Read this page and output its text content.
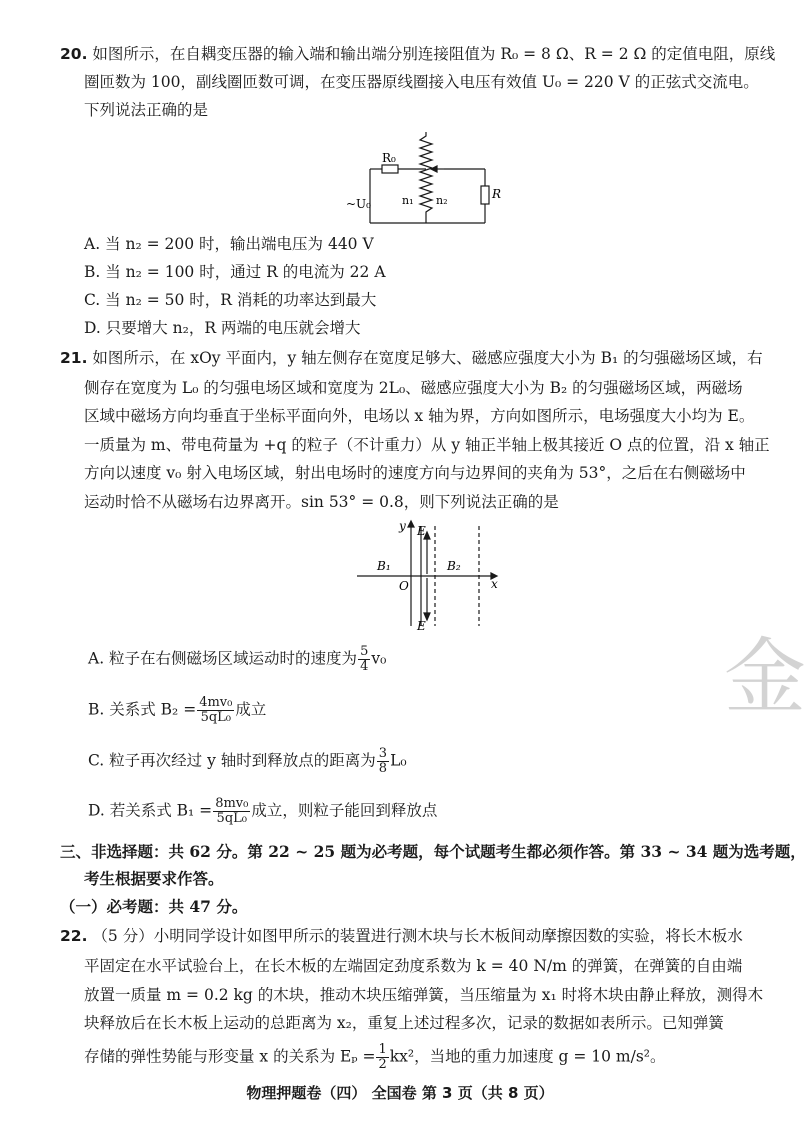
20. 如图所示，在自耦变压器的输入端和输出端分别连接阻值为 R₀ = 8 Ω、R = 2 Ω 的定值电阻，原线
圈匝数为 100，副线圈匝数可调，在变压器原线圈接入电压有效值 U₀ = 220 V 的正弦式交流电。
下列说法正确的是
R₀
~U₀	n₁ n₂	R
A. 当 n₂ = 200 时，输出端电压为 440 V
B. 当 n₂ = 100 时，通过 R 的电流为 22 A
C. 当 n₂ = 50 时，R 消耗的功率达到最大
D. 只要增大 n₂，R 两端的电压就会增大
21. 如图所示，在 xOy 平面内，y 轴左侧存在宽度足够大、磁感应强度大小为 B₁ 的匀强磁场区域，右
侧存在宽度为 L₀ 的匀强电场区域和宽度为 2L₀、磁感应强度大小为 B₂ 的匀强磁场区域，两磁场
区域中磁场方向均垂直于坐标平面向外，电场以 x 轴为界，方向如图所示，电场强度大小均为 E。
一质量为 m、带电荷量为 +q 的粒子（不计重力）从 y 轴正半轴上极其接近 O 点的位置，沿 x 轴正
方向以速度 v₀ 射入电场区域，射出电场时的速度方向与边界间的夹角为 53°，之后在右侧磁场中
运动时恰不从磁场右边界离开。sin 53° = 0.8，则下列说法正确的是
y E
B₁
O
B₂
x
E
A. 粒子在右侧磁场区域运动时的速度为 $\frac{5}{4} v_0$
B. 关系式 $B_2 = \frac{\text{4mv₀}}{\text{5qL₀}}$ 成立
C. 粒子再次经过 y 轴时到释放点的距离为 $\frac{3}{8} L_0$
D. 若关系式 $B_1 = \frac{\text{8mv₀}}{\text{5qL₀}}$ 成立，则粒子能回到释放点
三、非选择题：共 62 分。第 22 ~ 25 题为必考题，每个试题考生都必须作答。第 33 ~ 34 题为选考题，
考生根据要求作答。
（一）必考题：共 47 分。
22. （5 分）小明同学设计如图甲所示的装置进行测木块与长木板间动摩擦因数的实验，将长木板水
平固定在水平试验台上，在长木板的左端固定劲度系数为 k = 40 N/m 的弹簧，在弹簧的自由端
放置一质量 m = 0.2 kg 的木块，推动木块压缩弹簧，当压缩量为 x₁ 时将木块由静止释放，测得木
块释放后在长木板上运动的总距离为 x₂，重复上述过程多次，记录的数据如表所示。已知弹簧
存储的弹性势能与形变量 x 的关系为 $E_p = \frac{1}{2} kx^2$，当地的重力加速度 g = 10 m/s²。
物理押题卷（四） 全国卷 第 3 页（共 8 页）
金
